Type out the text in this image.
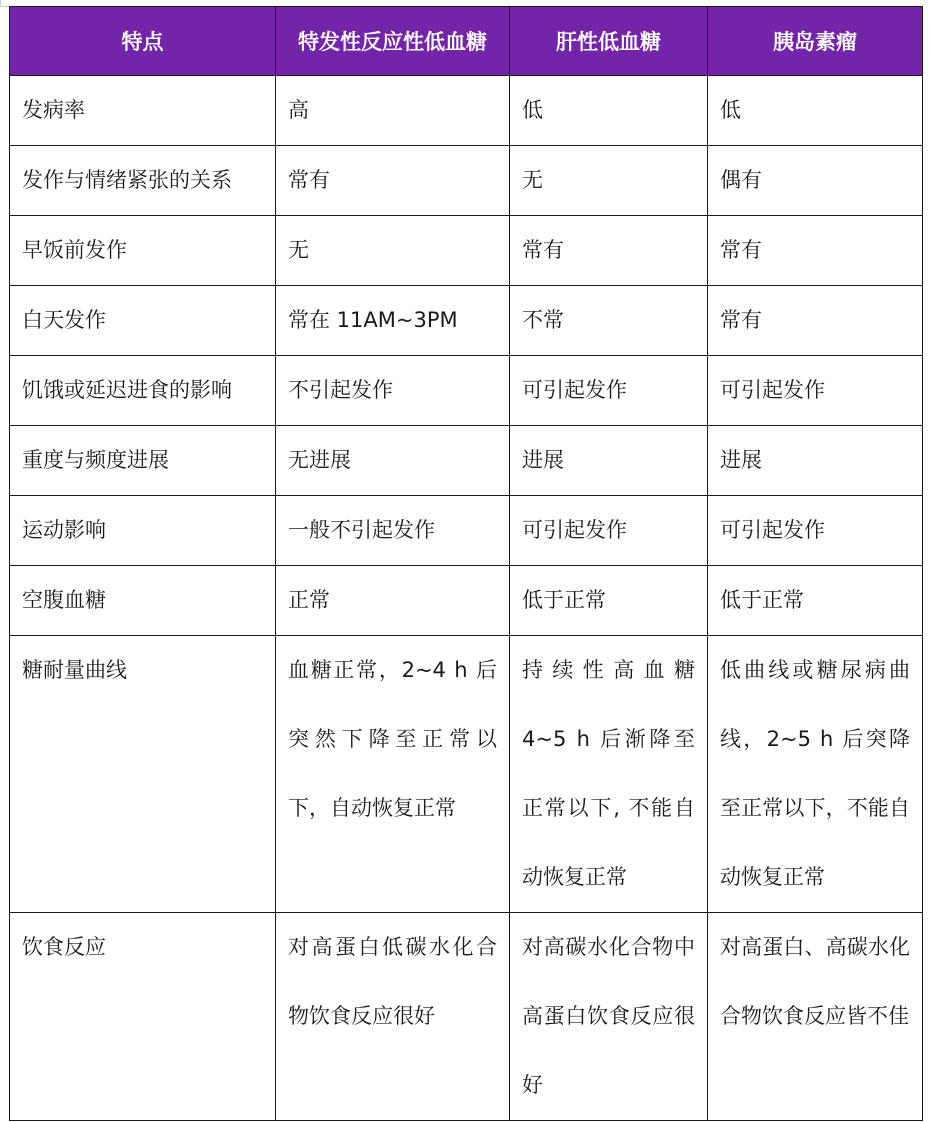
特点	特发性反应性低血糖	肝性低血糖	胰岛素瘤
发病率	高	低	低
发作与情绪紧张的关系	常有	无	偶有
早饭前发作	无	常有	常有
白天发作	常在 11AM~3PM	不常	常有
饥饿或延迟进食的影响	不引起发作	可引起发作	可引起发作
重度与频度进展	无进展	进展	进展
运动影响	一般不引起发作	可引起发作	可引起发作
空腹血糖	正常	低于正常	低于正常
糖耐量曲线	血糖正常，2~4 h 后突然下降至正常以下，自动恢复正常	持续性高血糖 4~5 h 后渐降至正常以下, 不能自动恢复正常	低曲线或糖尿病曲线，2~5 h 后突降至正常以下，不能自动恢复正常
饮食反应	对高蛋白低碳水化合物饮食反应很好	对高碳水化合物中高蛋白饮食反应很好	对高蛋白、高碳水化合物饮食反应皆不佳
